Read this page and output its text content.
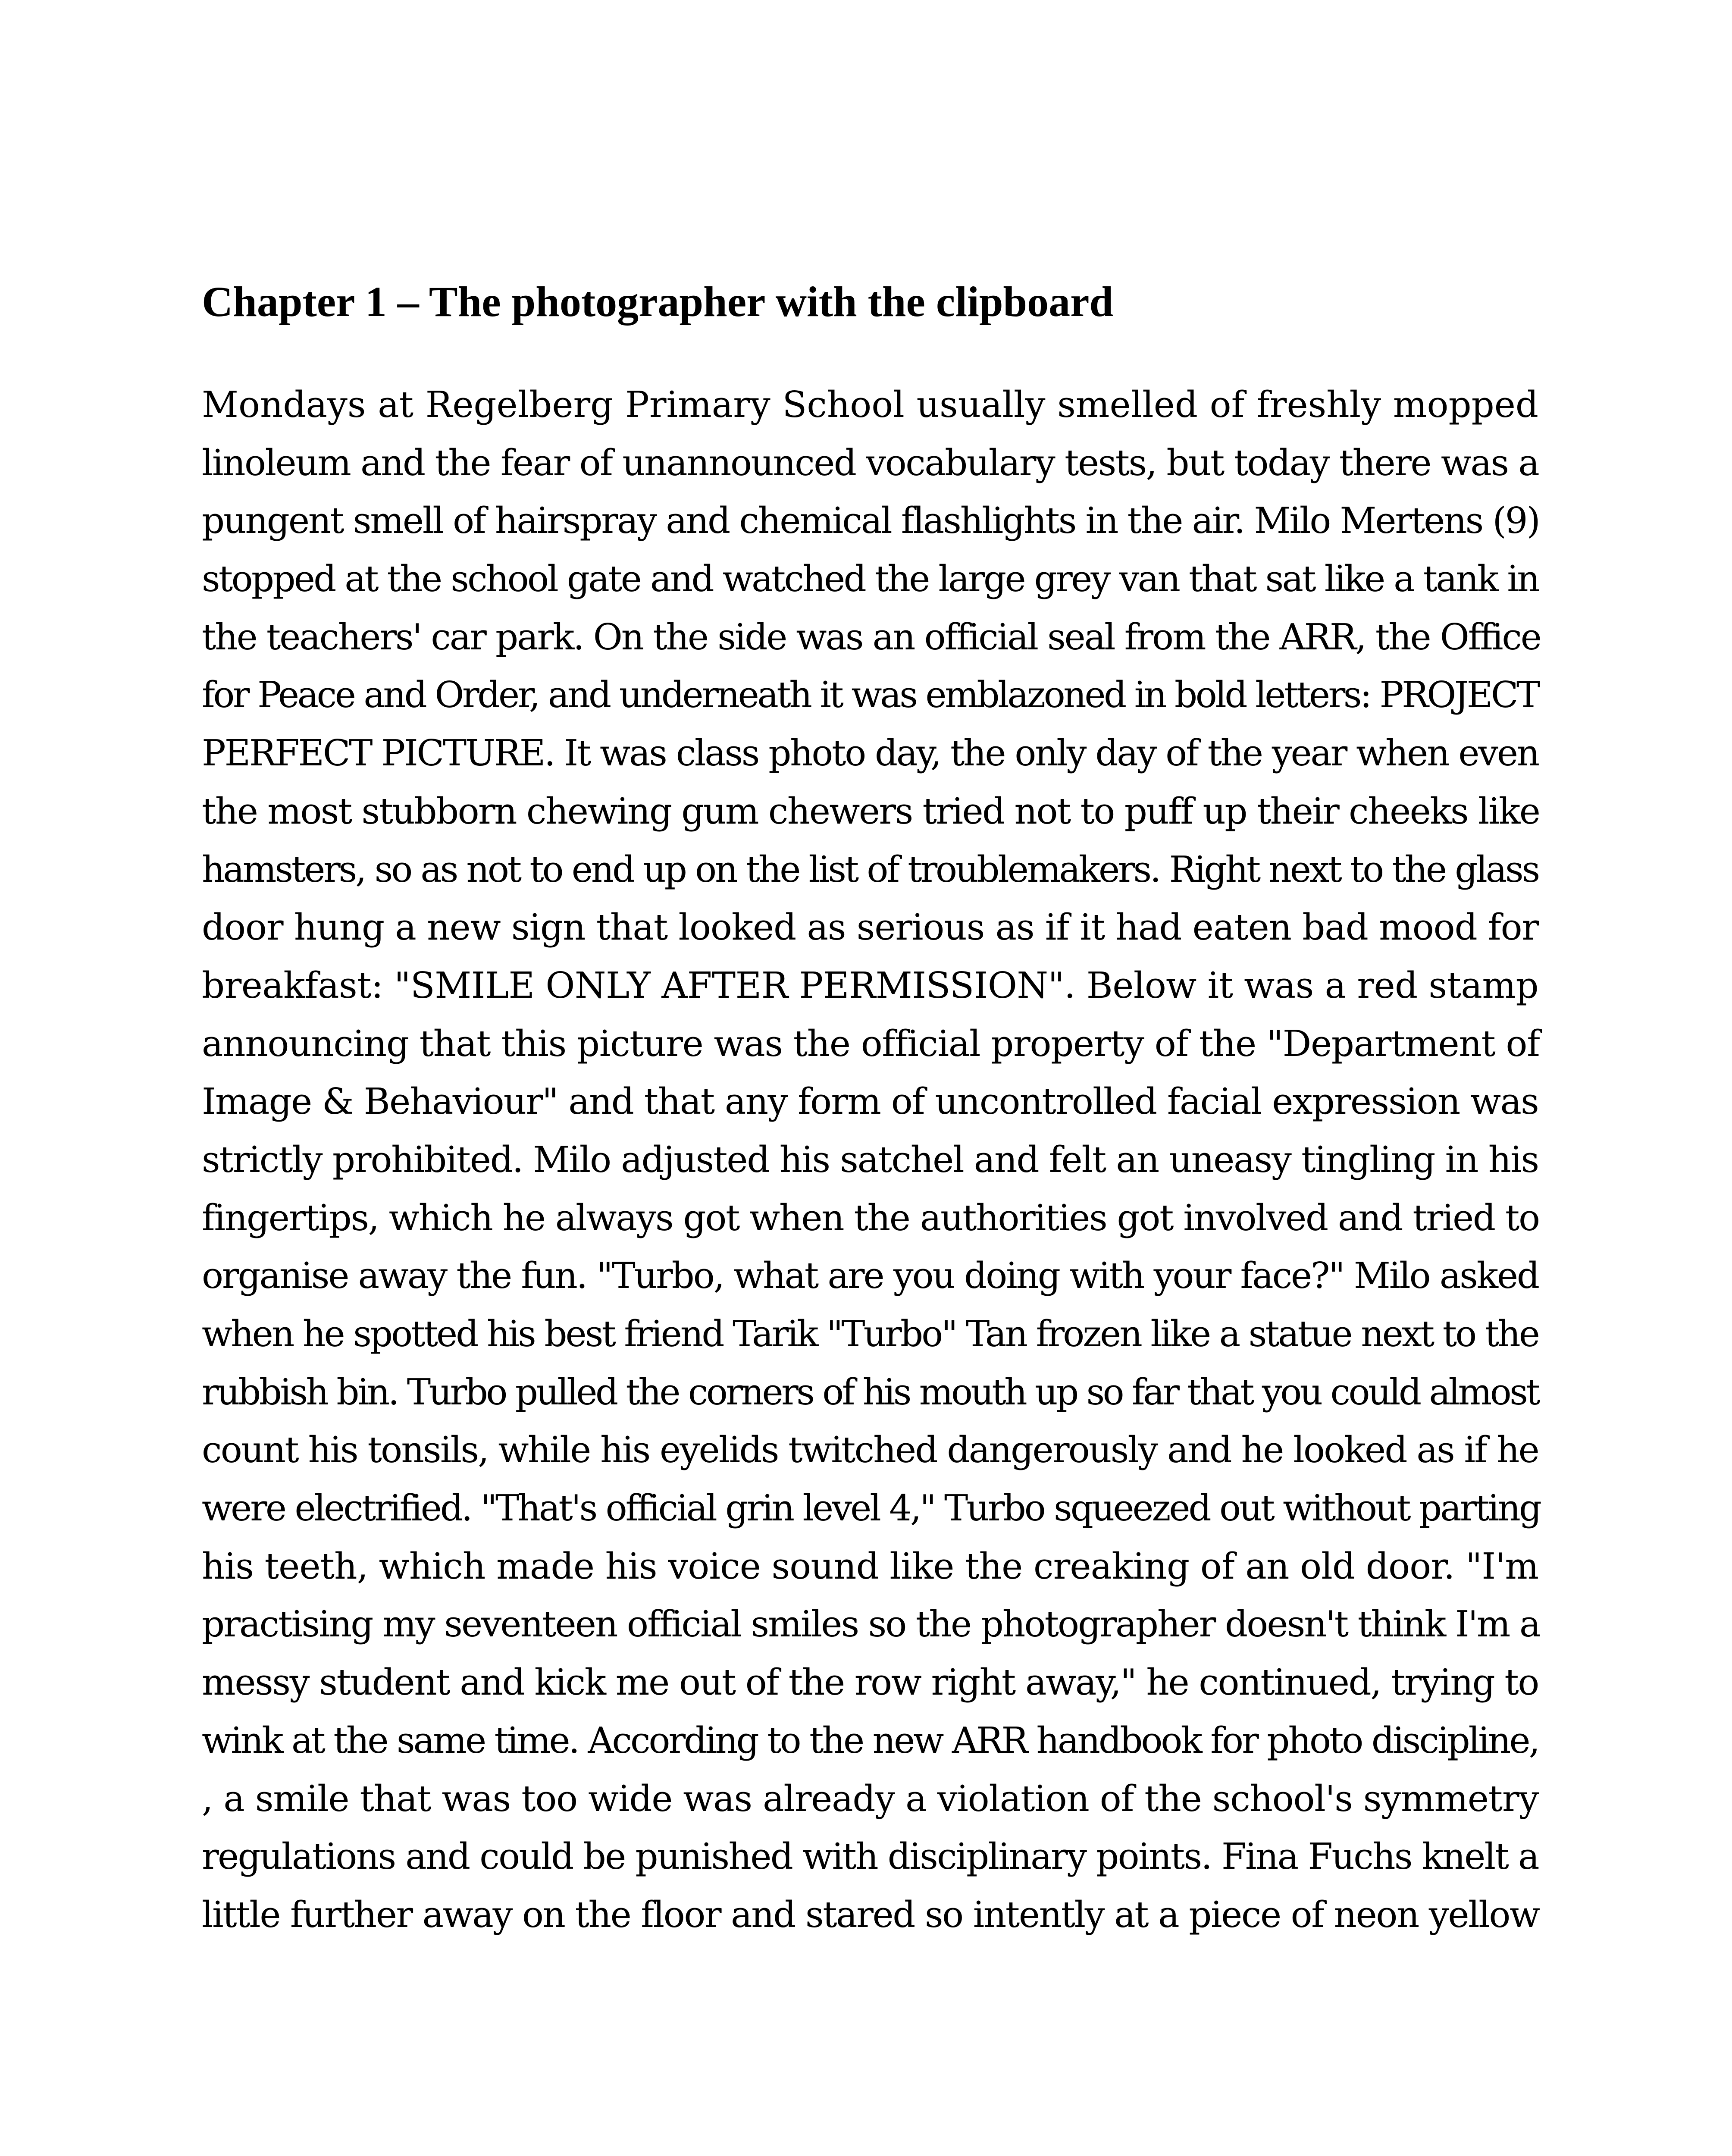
Chapter 1 – The photographer with the clipboard
Mondays at Regelberg Primary School usually smelled of freshly mopped
linoleum and the fear of unannounced vocabulary tests, but today there was a
pungent smell of hairspray and chemical flashlights in the air. Milo Mertens (9)
stopped at the school gate and watched the large grey van that sat like a tank in
the teachers' car park. On the side was an official seal from the ARR, the Office
for Peace and Order, and underneath it was emblazoned in bold letters: PROJECT
PERFECT PICTURE. It was class photo day, the only day of the year when even
the most stubborn chewing gum chewers tried not to puff up their cheeks like
hamsters, so as not to end up on the list of troublemakers. Right next to the glass
door hung a new sign that looked as serious as if it had eaten bad mood for
breakfast: "SMILE ONLY AFTER PERMISSION". Below it was a red stamp
announcing that this picture was the official property of the "Department of
Image & Behaviour" and that any form of uncontrolled facial expression was
strictly prohibited. Milo adjusted his satchel and felt an uneasy tingling in his
fingertips, which he always got when the authorities got involved and tried to
organise away the fun. "Turbo, what are you doing with your face?" Milo asked
when he spotted his best friend Tarik "Turbo" Tan frozen like a statue next to the
rubbish bin. Turbo pulled the corners of his mouth up so far that you could almost
count his tonsils, while his eyelids twitched dangerously and he looked as if he
were electrified. "That's official grin level 4," Turbo squeezed out without parting
his teeth, which made his voice sound like the creaking of an old door. "I'm
practising my seventeen official smiles so the photographer doesn't think I'm a
messy student and kick me out of the row right away," he continued, trying to
wink at the same time. According to the new ARR handbook for photo discipline,
, a smile that was too wide was already a violation of the school's symmetry
regulations and could be punished with disciplinary points. Fina Fuchs knelt a
little further away on the floor and stared so intently at a piece of neon yellow
